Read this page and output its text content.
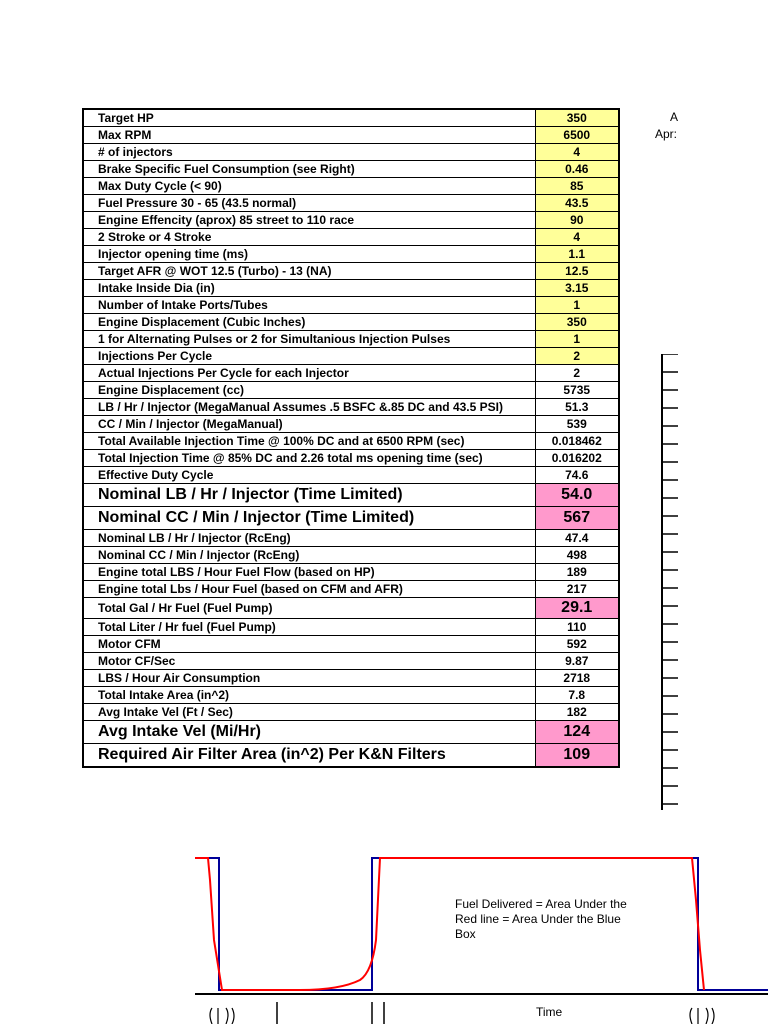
Target HP	350
Max RPM	6500
# of injectors	4
Brake Specific Fuel Consumption (see Right)	0.46
Max Duty Cycle (< 90)	85
Fuel Pressure 30 - 65 (43.5 normal)	43.5
Engine Effencity (aprox) 85 street to 110 race	90
2 Stroke or 4 Stroke	4
Injector opening time (ms)	1.1
Target AFR @ WOT 12.5 (Turbo) - 13 (NA)	12.5
Intake Inside Dia (in)	3.15
Number of Intake Ports/Tubes	1
Engine Displacement (Cubic Inches)	350
1 for Alternating Pulses or 2 for Simultanious Injection Pulses	1
Injections Per Cycle	2
Actual Injections Per Cycle for each Injector	2
Engine Displacement (cc)	5735
LB / Hr / Injector (MegaManual Assumes .5 BSFC &.85 DC and 43.5 PSI)	51.3
CC / Min / Injector (MegaManual)	539
Total Available Injection Time @ 100% DC and at 6500 RPM (sec)	0.018462
Total Injection Time @ 85% DC and 2.26 total ms opening time (sec)	0.016202
Effective Duty Cycle	74.6
Nominal LB / Hr / Injector (Time Limited)	54.0
Nominal CC / Min / Injector (Time Limited)	567
Nominal LB / Hr / Injector (RcEng)	47.4
Nominal CC / Min / Injector (RcEng)	498
Engine total LBS / Hour Fuel Flow (based on HP)	189
Engine total Lbs / Hour Fuel (based on CFM and AFR)	217
Total Gal / Hr Fuel (Fuel Pump)	29.1
Total Liter / Hr fuel (Fuel Pump)	110
Motor CFM	592
Motor CF/Sec	9.87
LBS / Hour Air Consumption	2718
Total Intake Area (in^2)	7.8
Avg Intake Vel (Ft / Sec)	182
Avg Intake Vel (Mi/Hr)	124
Required Air Filter Area (in^2) Per K&N Filters	109
A
Apr:
Fuel Delivered = Area Under the
Red line = Area Under the Blue
Box
Time
